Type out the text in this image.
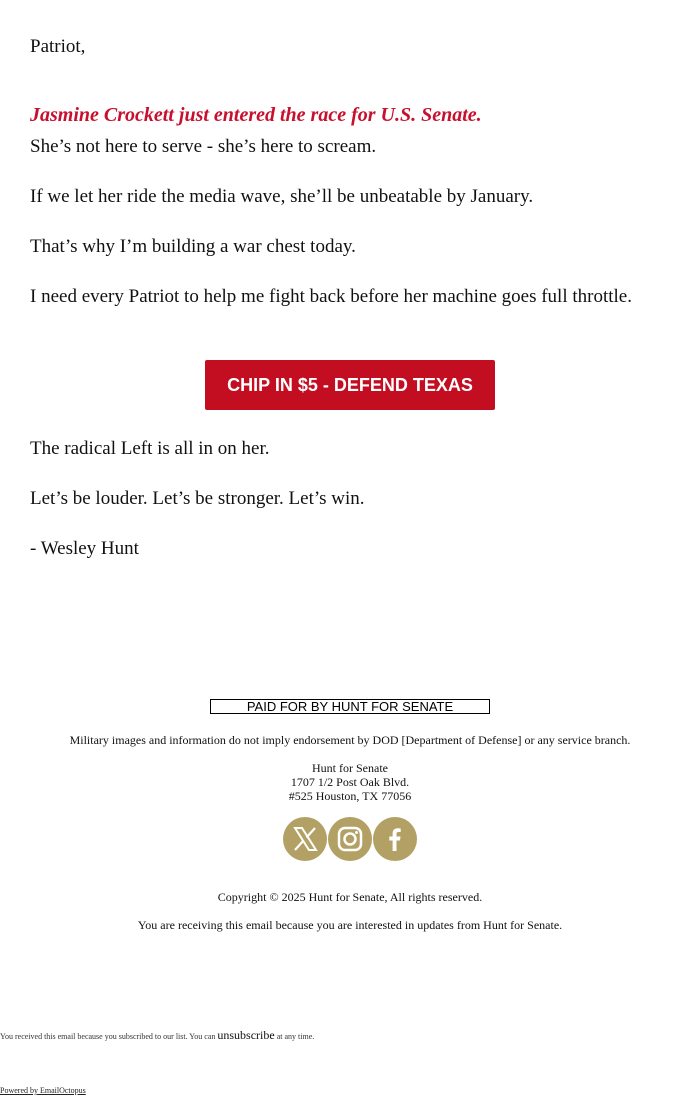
Patriot,

Jasmine Crockett just entered the race for U.S. Senate.

She’s not here to serve - she’s here to scream.

If we let her ride the media wave, she’ll be unbeatable by January.

That’s why I’m building a war chest today.

I need every Patriot to help me fight back before her machine goes full throttle.

CHIP IN $5 - DEFEND TEXAS

The radical Left is all in on her.

Let’s be louder. Let’s be stronger. Let’s win.

- Wesley Hunt

PAID FOR BY HUNT FOR SENATE
Military images and information do not imply endorsement by DOD [Department of Defense] or any service branch.
Hunt for Senate
1707 1/2 Post Oak Blvd.
#525 Houston, TX 77056
Copyright © 2025 Hunt for Senate, All rights reserved.
You are receiving this email because you are interested in updates from Hunt for Senate.
You received this email because you subscribed to our list. You can unsubscribe at any time.
Powered by EmailOctopus
